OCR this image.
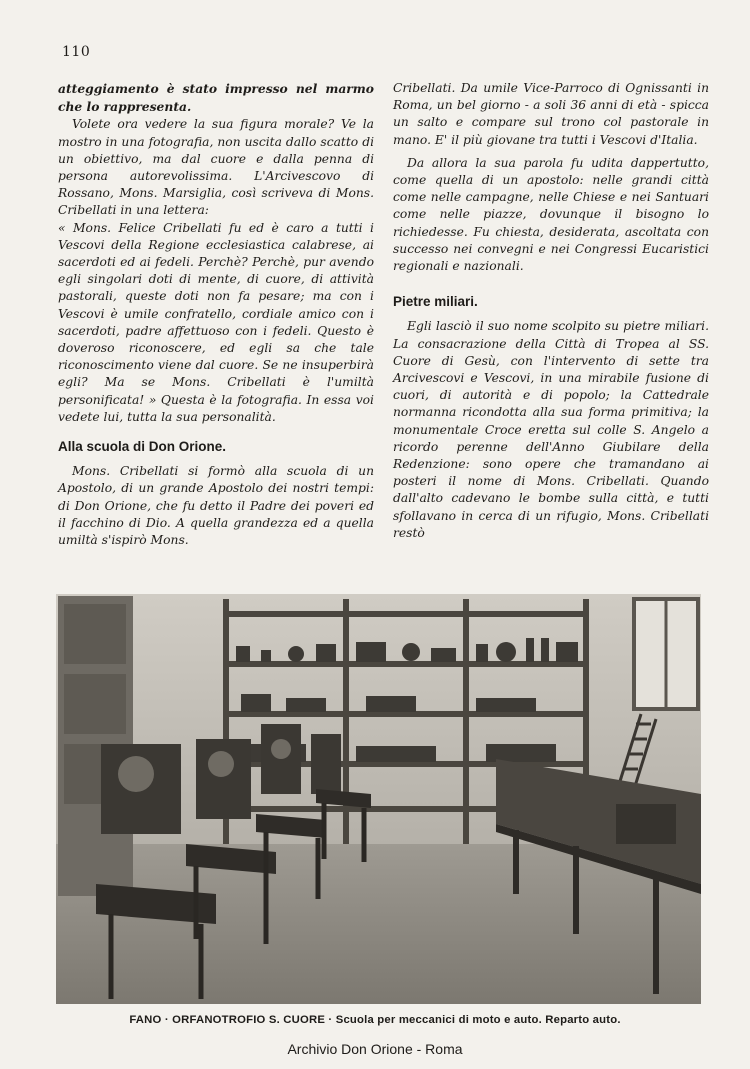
110

atteggiamento è stato impresso nel marmo che lo rappresenta.

Volete ora vedere la sua figura morale? Ve la mostro in una fotografia, non uscita dallo scatto di un obiettivo, ma dal cuore e dalla penna di persona autorevolissima. L'Arcivescovo di Rossano, Mons. Marsiglia, così scriveva di Mons. Cribellati in una lettera:

« Mons. Felice Cribellati fu ed è caro a tutti i Vescovi della Regione ecclesiastica calabrese, ai sacerdoti ed ai fedeli. Perchè? Perchè, pur avendo egli singolari doti di mente, di cuore, di attività pastorali, queste doti non fa pesare; ma con i Vescovi è umile confratello, cordiale amico con i sacerdoti, padre affettuoso con i fedeli. Questo è doveroso riconoscere, ed egli sa che tale riconoscimento viene dal cuore. Se ne insuperbirà egli? Ma se Mons. Cribellati è l'umiltà personificata! » Questa è la fotografia. In essa voi vedete lui, tutta la sua personalità.

Alla scuola di Don Orione.

Mons. Cribellati si formò alla scuola di un Apostolo, di un grande Apostolo dei nostri tempi: di Don Orione, che fu detto il Padre dei poveri ed il facchino di Dio. A quella grandezza ed a quella umiltà s'ispirò Mons.

Cribellati. Da umile Vice-Parroco di Ognissanti in Roma, un bel giorno - a soli 36 anni di età - spicca un salto e compare sul trono col pastorale in mano. E' il più giovane tra tutti i Vescovi d'Italia.

Da allora la sua parola fu udita dappertutto, come quella di un apostolo: nelle grandi città come nelle campagne, nelle Chiese e nei Santuari come nelle piazze, dovunque il bisogno lo richiedesse. Fu chiesta, desiderata, ascoltata con successo nei convegni e nei Congressi Eucaristici regionali e nazionali.

Pietre miliari.

Egli lasciò il suo nome scolpito su pietre miliari. La consacrazione della Città di Tropea al SS. Cuore di Gesù, con l'intervento di sette tra Arcivescovi e Vescovi, in una mirabile fusione di cuori, di autorità e di popolo; la Cattedrale normanna ricondotta alla sua forma primitiva; la monumentale Croce eretta sul colle S. Angelo a ricordo perenne dell'Anno Giubilare della Redenzione: sono opere che tramandano ai posteri il nome di Mons. Cribellati. Quando dall'alto cadevano le bombe sulla città, e tutti sfollavano in cerca di un rifugio, Mons. Cribellati restò

FANO · ORFANOTROFIO S. CUORE · Scuola per meccanici di moto e auto. Reparto auto.
Archivio Don Orione - Roma
